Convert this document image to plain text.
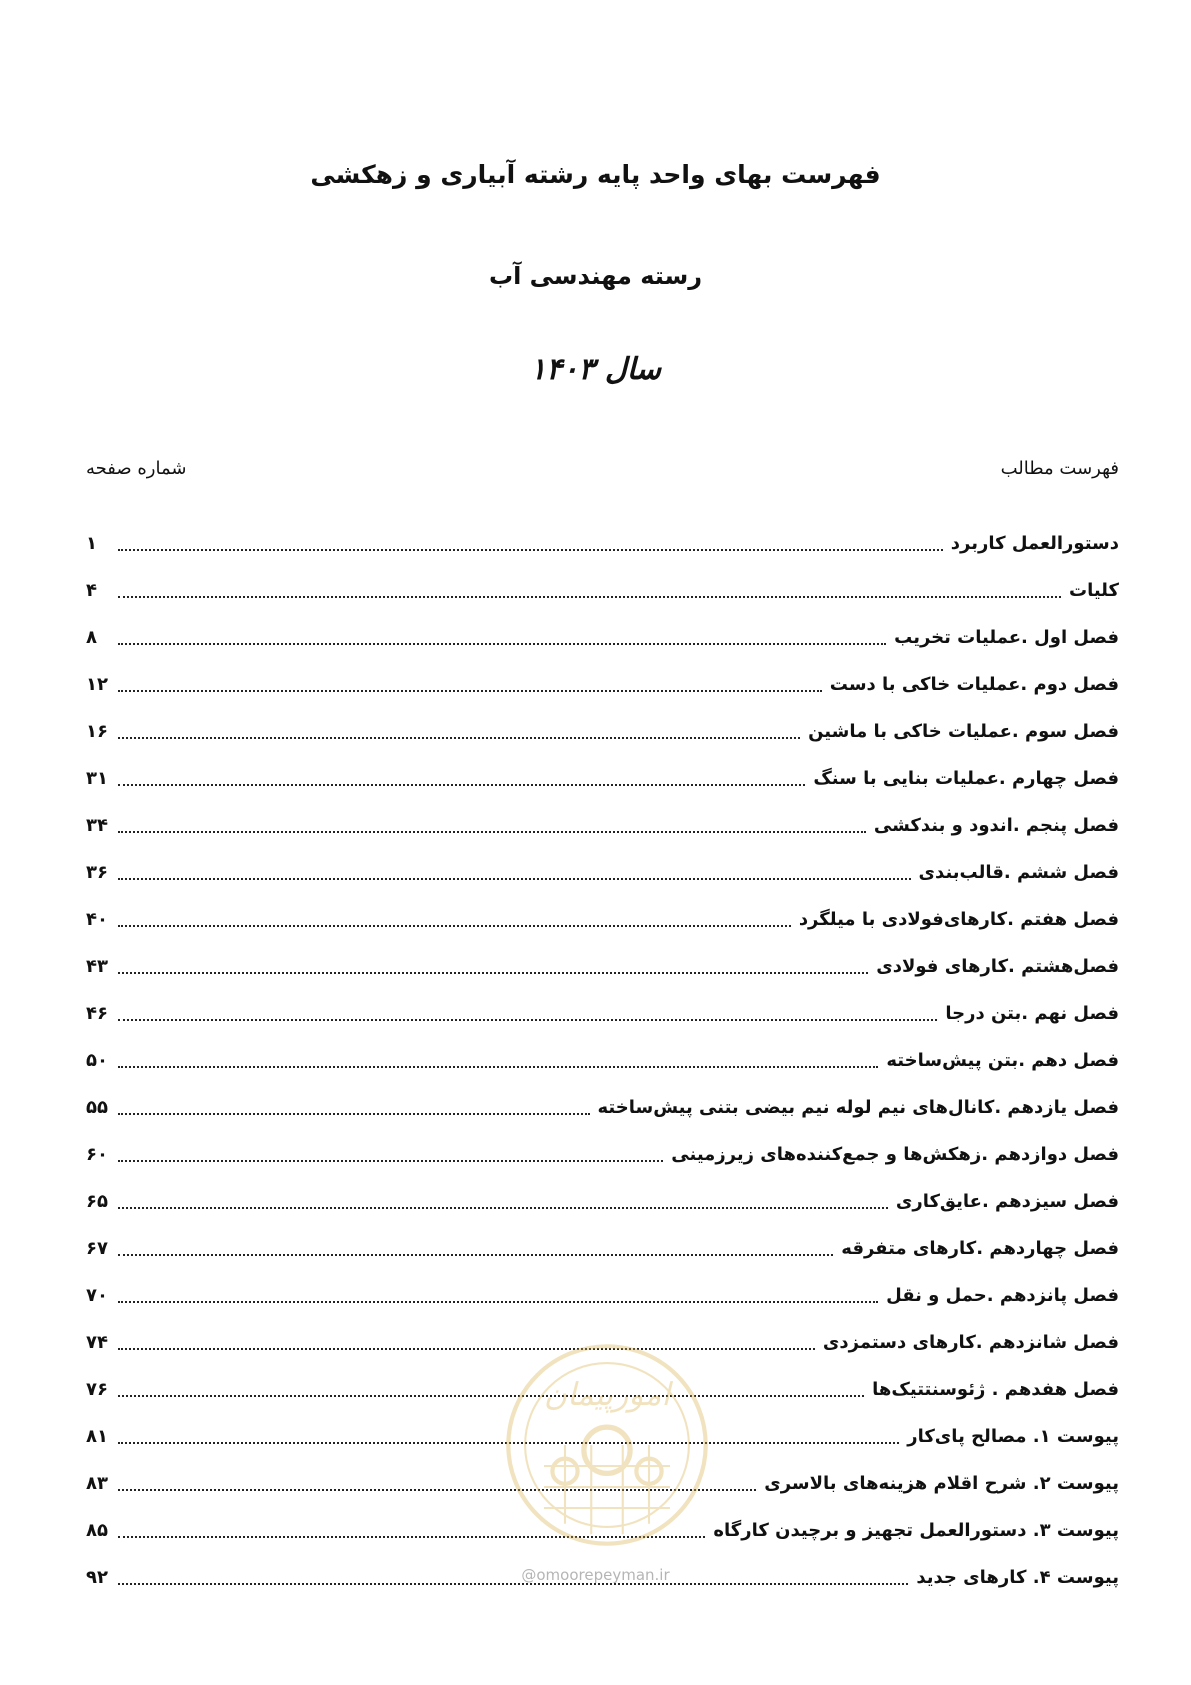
فهرست بهای واحد پایه رشته آبیاری و زهکشی
رسته مهندسی آب
سال ۱۴۰۳
فهرست مطالب
شماره صفحه
دستورالعمل کاربرد
۱
کلیات
۴
فصل اول .عملیات تخریب
۸
فصل دوم .عملیات خاکی با دست
۱۲
فصل سوم .عملیات خاکی با ماشین
۱۶
فصل چهارم .عملیات بنایی با سنگ
۳۱
فصل پنجم .اندود و بندکشی
۳۴
فصل ششم .قالب‌بندی
۳۶
فصل هفتم .کارهای‌فولادی با میلگرد
۴۰
فصل‌هشتم .کارهای فولادی
۴۳
فصل نهم .بتن درجا
۴۶
فصل دهم .بتن پیش‌ساخته
۵۰
فصل یازدهم .کانال‌های نیم لوله نیم بیضی بتنی پیش‌ساخته
۵۵
فصل دوازدهم .زهکش‌ها و جمع‌کننده‌های زیرزمینی
۶۰
فصل سیزدهم .عایق‌کاری
۶۵
فصل چهاردهم .کارهای متفرقه
۶۷
فصل پانزدهم .حمل و نقل
۷۰
فصل شانزدهم .کارهای دستمزدی
۷۴
فصل هفدهم . ژئوسنتتیک‌ها
۷۶
پیوست ۱. مصالح پای‌کار
۸۱
پیوست ۲. شرح اقلام هزینه‌های بالاسری
۸۳
پیوست ۳. دستورالعمل تجهیز و برچیدن کارگاه
۸۵
پیوست ۴. کارهای جدید
۹۲
امورپیمان
@omoorepeyman.ir
